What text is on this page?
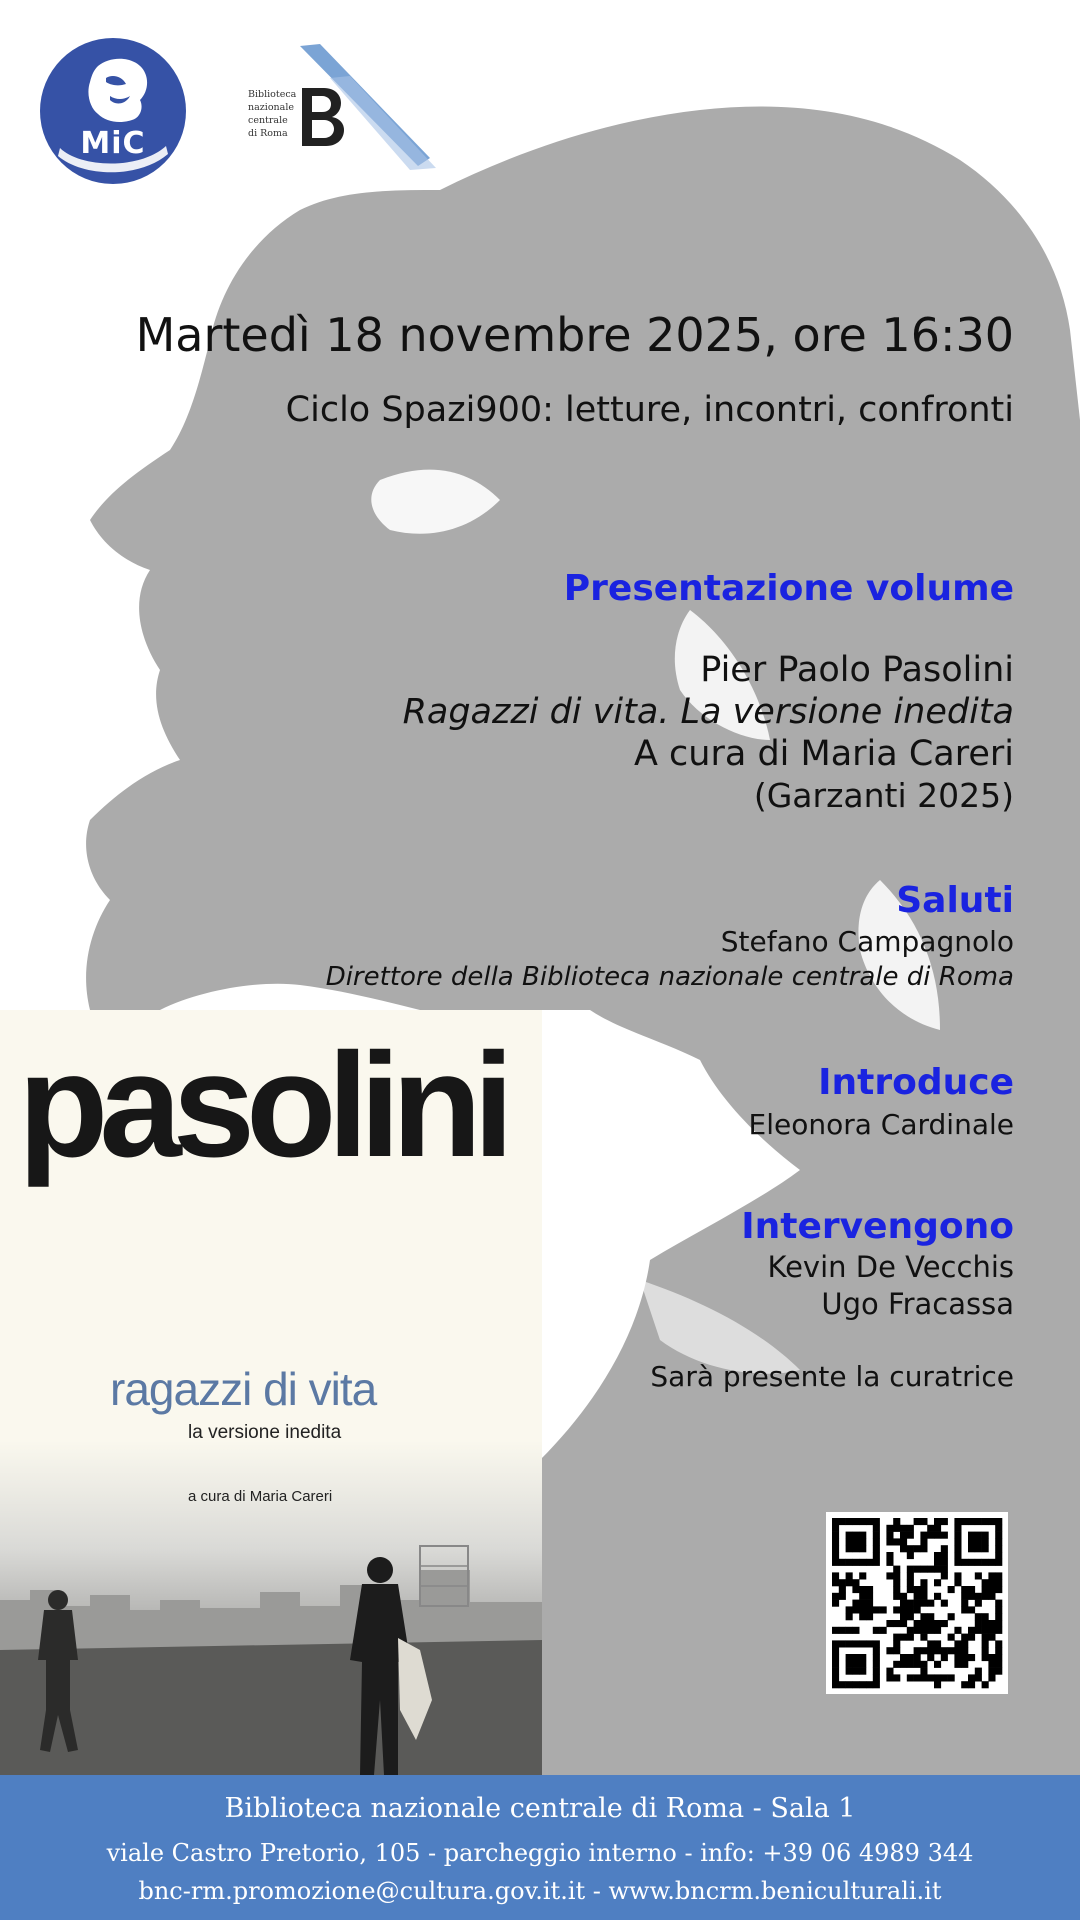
MiC
Biblioteca
nazionale
centrale
di Roma
Martedì 18 novembre 2025, ore 16:30
Ciclo Spazi900: letture, incontri, confronti
Presentazione volume
Pier Paolo Pasolini
Ragazzi di vita. La versione inedita
A cura di Maria Careri
(Garzanti 2025)
Saluti
Stefano Campagnolo
Direttore della Biblioteca nazionale centrale di Roma
Introduce
Eleonora Cardinale
Intervengono
Kevin De Vecchis
Ugo Fracassa
Sarà presente la curatrice
pasolini
ragazzi di vita
la versione inedita
a cura di Maria Careri
Biblioteca nazionale centrale di Roma - Sala 1
viale Castro Pretorio, 105 - parcheggio interno - info: +39 06 4989 344
bnc-rm.promozione@cultura.gov.it.it - www.bncrm.beniculturali.it
